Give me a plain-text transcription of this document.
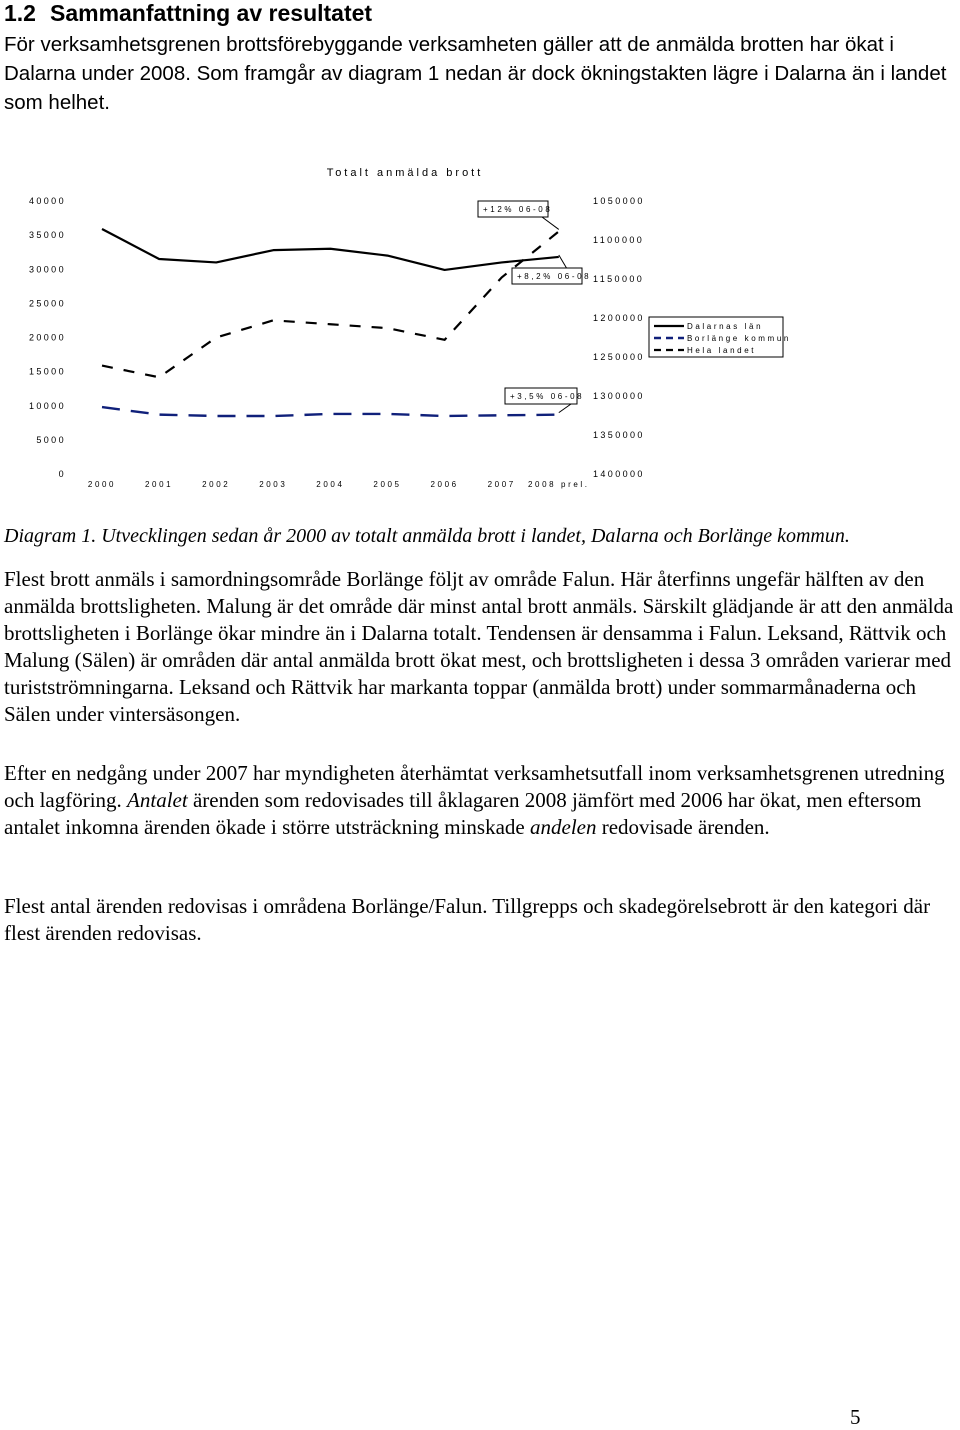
1.2 Sammanfattning av resultatet

För verksamhetsgrenen brottsförebyggande verksamheten gäller att de anmälda brotten har ökat i Dalarna under 2008. Som framgår av diagram 1 nedan är dock ökningstakten lägre i Dalarna än i landet som helhet.

Totalt anmälda brott
0
5000
10000
15000
20000
25000
30000
35000
40000	1050000
1100000
1150000
1200000
1250000
1300000
1350000
1400000
2000	2001	2002	2003	2004	2005	2006	2007 2008 prel.
+12% 06-08
+8,2% 06-08
+3,5% 06-08
Dalarnas län
Borlänge kommun
Hela landet
Diagram 1. Utvecklingen sedan år 2000 av totalt anmälda brott i landet, Dalarna och Borlänge kommun.

Flest brott anmäls i samordningsområde Borlänge följt av område Falun. Här återfinns ungefär hälften av den anmälda brottsligheten. Malung är det område där minst antal brott anmäls. Särskilt glädjande är att den anmälda brottsligheten i Borlänge ökar mindre än i Dalarna totalt. Tendensen är densamma i Falun. Leksand, Rättvik och Malung (Sälen) är områden där antal anmälda brott ökat mest, och brottsligheten i dessa 3 områden varierar med turistströmningarna. Leksand och Rättvik har markanta toppar (anmälda brott) under sommarmånaderna och Sälen under vintersäsongen.

Efter en nedgång under 2007 har myndigheten återhämtat verksamhetsutfall inom verksamhetsgrenen utredning och lagföring. Antalet ärenden som redovisades till åklagaren 2008 jämfört med 2006 har ökat, men eftersom antalet inkomna ärenden ökade i större utsträckning minskade andelen redovisade ärenden.

Flest antal ärenden redovisas i områdena Borlänge/Falun. Tillgrepps och skadegörelsebrott är den kategori där flest ärenden redovisas.

5
